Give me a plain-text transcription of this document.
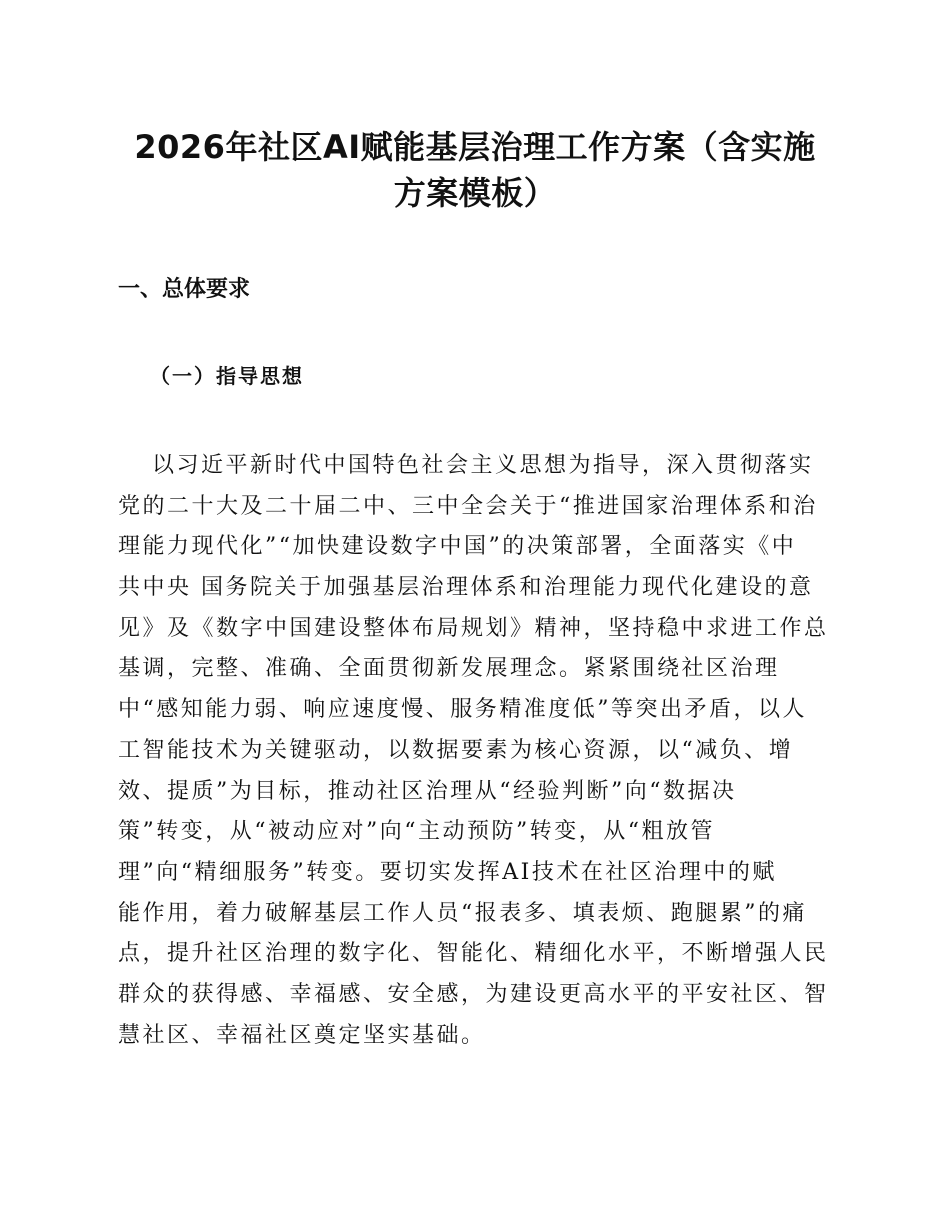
2026年社区AI赋能基层治理工作方案（含实施
方案模板）
一、总体要求
（一）指导思想
以习近平新时代中国特色社会主义思想为指导，深入贯彻落实
党的二十大及二十届二中、三中全会关于“推进国家治理体系和治
理能力现代化”“加快建设数字中国”的决策部署，全面落实《中
共中央 国务院关于加强基层治理体系和治理能力现代化建设的意
见》及《数字中国建设整体布局规划》精神，坚持稳中求进工作总
基调，完整、准确、全面贯彻新发展理念。紧紧围绕社区治理
中“感知能力弱、响应速度慢、服务精准度低”等突出矛盾，以人
工智能技术为关键驱动，以数据要素为核心资源，以“减负、增
效、提质”为目标，推动社区治理从“经验判断”向“数据决
策”转变，从“被动应对”向“主动预防”转变，从“粗放管
理”向“精细服务”转变。要切实发挥AI技术在社区治理中的赋
能作用，着力破解基层工作人员“报表多、填表烦、跑腿累”的痛
点，提升社区治理的数字化、智能化、精细化水平，不断增强人民
群众的获得感、幸福感、安全感，为建设更高水平的平安社区、智
慧社区、幸福社区奠定坚实基础。
